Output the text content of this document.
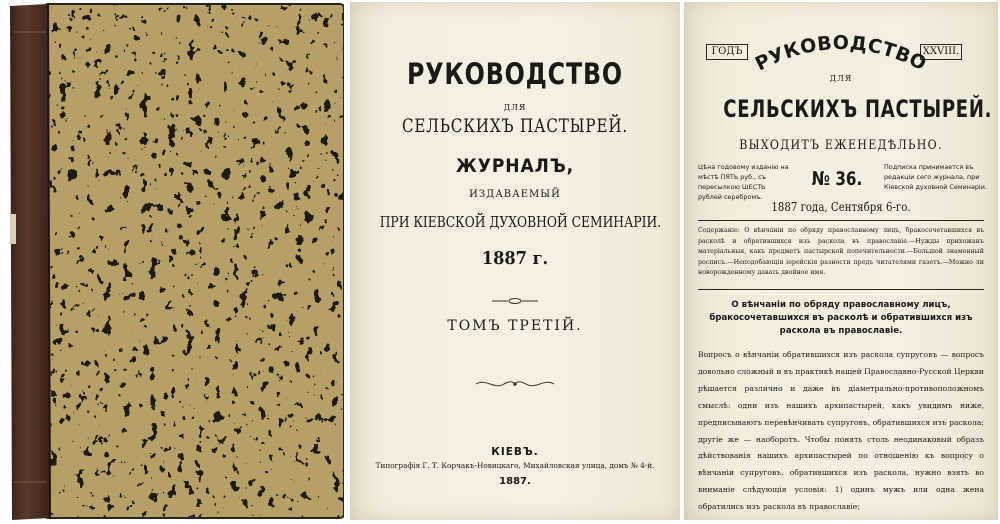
РУКОВОДСТВО
ДЛЯ
СЕЛЬСКИХЪ ПАСТЫРЕЙ.
ЖУРНАЛЪ,
ИЗДАВАЕМЫЙ
ПРИ КІЕВСКОЙ ДУХОВНОЙ СЕМИНАРІИ.
1887 г.
ТОМЪ ТРЕТІЙ.
КІЕВЪ.
Типографія Г. Т. Корчакъ-Новицкаго, Михайловская улица, домъ № 4-й.
1887.
ГОДЪ	XXVIII.
РУКОВОДСТВО
ДЛЯ
СЕЛЬСКИХЪ ПАСТЫРЕЙ.
ВЫХОДИТЪ ЕЖЕНЕДѢЛЬНО.
Цѣна годовому изданію на мѣстѣ ПЯТЬ руб., съ пересылкою ШЕСТЬ рублей серебромъ.
№ 36.
Подписка принимается въ редакціи сего журнала, при Кіевской духовной Семинаріи.
1887 года, Сентября 6-го.
Содержаніе: О вѣнчаніи по обряду православному лицъ, бракосочетавшихся въ расколѣ и обратившихся изъ раскола въ православіе.—Нужды прихожанъ матеріальныя, какъ предметъ пастырской попечительности.—Большой знаменный росписъ.—Неподобающія іерейскія разности предъ читателями газетъ.—Можно ли новорожденному давать двойное имя.
О вѣнчаніи по обряду православному лицъ, бракосочетавшихся въ расколѣ и обратившихся изъ раскола въ православіе.
Вопросъ о вѣнчаніи обратившихся изъ раскола супруговъ — вопросъ довольно сложный и въ практикѣ нашей Православно-Русской Церкви рѣшается различно и даже въ діаметрально-противоположномъ смыслѣ: одни изъ нашихъ архипастырей, какъ увидимъ ниже, предписываютъ перевѣнчивать супруговъ, обратившихся изъ раскола; другіе же — наоборотъ. Чтобы понять столь неодинаковый образъ дѣйствованія нашихъ архипастырей по отношенію къ вопросу о вѣнчаніи супруговъ, обратившихся изъ раскола, нужно взять во вниманіе слѣдующія условія: 1) одинъ мужъ или одна жена обратились изъ раскола въ православіе;
